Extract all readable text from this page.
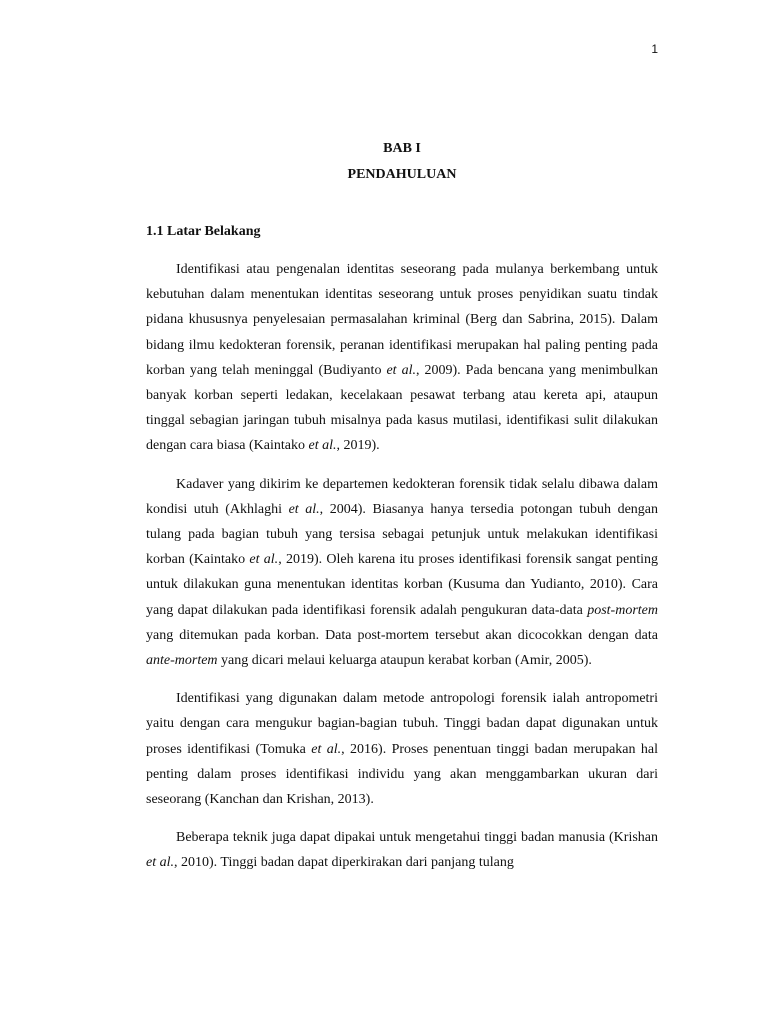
1
BAB I
PENDAHULUAN
1.1 Latar Belakang

Identifikasi atau pengenalan identitas seseorang pada mulanya berkembang untuk kebutuhan dalam menentukan identitas seseorang untuk proses penyidikan suatu tindak pidana khususnya penyelesaian permasalahan kriminal (Berg dan Sabrina, 2015). Dalam bidang ilmu kedokteran forensik, peranan identifikasi merupakan hal paling penting pada korban yang telah meninggal (Budiyanto et al., 2009). Pada bencana yang menimbulkan banyak korban seperti ledakan, kecelakaan pesawat terbang atau kereta api, ataupun tinggal sebagian jaringan tubuh misalnya pada kasus mutilasi, identifikasi sulit dilakukan dengan cara biasa (Kaintako et al., 2019).

Kadaver yang dikirim ke departemen kedokteran forensik tidak selalu dibawa dalam kondisi utuh (Akhlaghi et al., 2004). Biasanya hanya tersedia potongan tubuh dengan tulang pada bagian tubuh yang tersisa sebagai petunjuk untuk melakukan identifikasi korban (Kaintako et al., 2019). Oleh karena itu proses identifikasi forensik sangat penting untuk dilakukan guna menentukan identitas korban (Kusuma dan Yudianto, 2010). Cara yang dapat dilakukan pada identifikasi forensik adalah pengukuran data-data post-mortem yang ditemukan pada korban. Data post-mortem tersebut akan dicocokkan dengan data ante-mortem yang dicari melaui keluarga ataupun kerabat korban (Amir, 2005).

Identifikasi yang digunakan dalam metode antropologi forensik ialah antropometri yaitu dengan cara mengukur bagian-bagian tubuh. Tinggi badan dapat digunakan untuk proses identifikasi (Tomuka et al., 2016). Proses penentuan tinggi badan merupakan hal penting dalam proses identifikasi individu yang akan menggambarkan ukuran dari seseorang (Kanchan dan Krishan, 2013).

Beberapa teknik juga dapat dipakai untuk mengetahui tinggi badan manusia (Krishan et al., 2010). Tinggi badan dapat diperkirakan dari panjang tulang
